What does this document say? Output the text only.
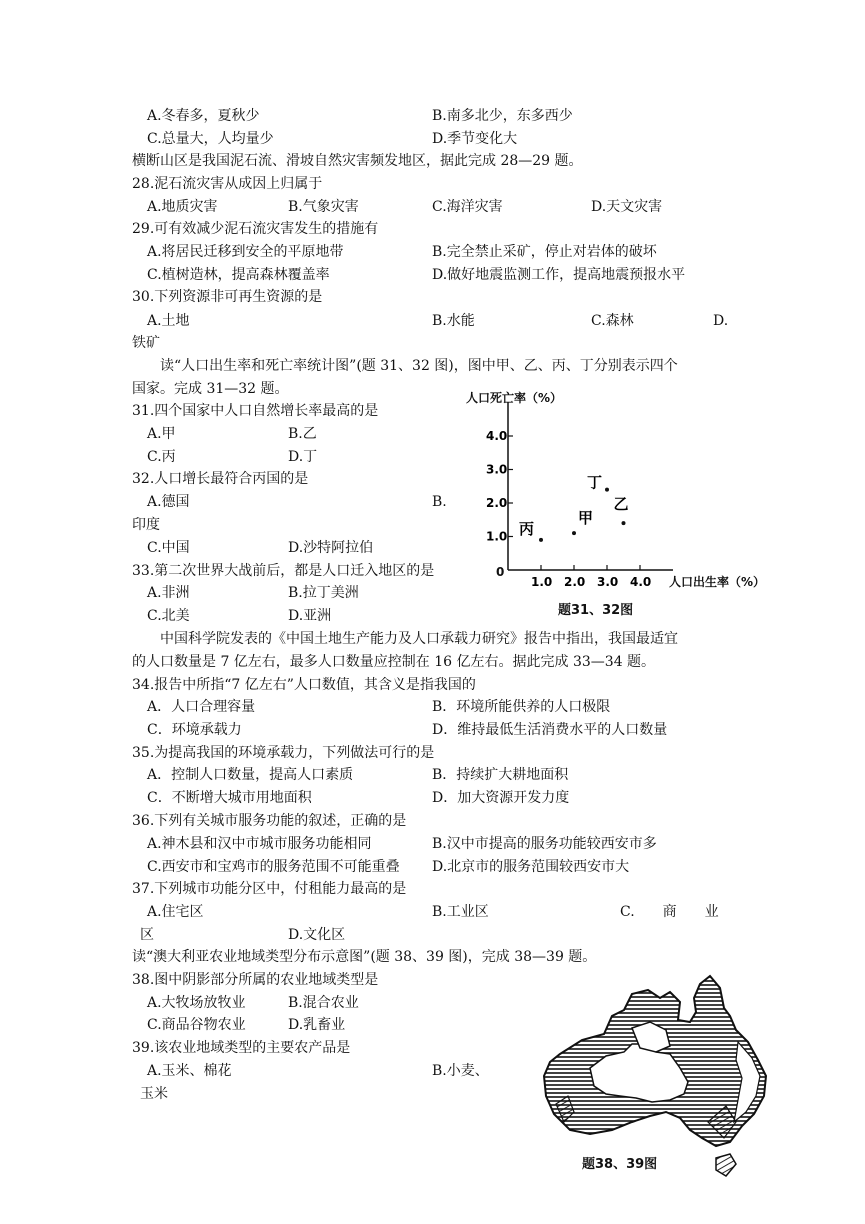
A.冬春多，夏秋少	B.南多北少，东多西少
C.总量大，人均量少	D.季节变化大
横断山区是我国泥石流、滑坡自然灾害频发地区，据此完成 28—29 题。
28.泥石流灾害从成因上归属于
A.地质灾害	B.气象灾害	C.海洋灾害	D.天文灾害
29.可有效减少泥石流灾害发生的措施有
A.将居民迁移到安全的平原地带	B.完全禁止采矿，停止对岩体的破坏
C.植树造林，提高森林覆盖率	D.做好地震监测工作，提高地震预报水平
30.下列资源非可再生资源的是
A.土地	B.水能	C.森林	D.
铁矿
读“人口出生率和死亡率统计图”(题 31、32 图)，图中甲、乙、丙、丁分别表示四个
国家。完成 31—32 题。
31.四个国家中人口自然增长率最高的是
A.甲	B.乙
C.丙	D.丁
32.人口增长最符合丙国的是
A.德国	B.
印度
C.中国	D.沙特阿拉伯
33.第二次世界大战前后，都是人口迁入地区的是
A.非洲	B.拉丁美洲
C.北美	D.亚洲
中国科学院发表的《中国土地生产能力及人口承载力研究》报告中指出，我国最适宜
的人口数量是 7 亿左右，最多人口数量应控制在 16 亿左右。据此完成 33—34 题。
34.报告中所指“7 亿左右”人口数值，其含义是指我国的
A．人口合理容量	B．环境所能供养的人口极限
C．环境承载力	D．维持最低生活消费水平的人口数量
35.为提高我国的环境承载力，下列做法可行的是
A．控制人口数量，提高人口素质	B．持续扩大耕地面积
C．不断增大城市用地面积	D．加大资源开发力度
36.下列有关城市服务功能的叙述，正确的是
A.神木县和汉中市城市服务功能相同	B.汉中市提高的服务功能较西安市多
C.西安市和宝鸡市的服务范围不可能重叠 D.北京市的服务范围较西安市大
37.下列城市功能分区中，付租能力最高的是
A.住宅区	B.工业区	C.　　商　　业
区	D.文化区
读“澳大利亚农业地域类型分布示意图”(题 38、39 图)，完成 38—39 题。
38.图中阴影部分所属的农业地域类型是
A.大牧场放牧业	B.混合农业
C.商品谷物农业	D.乳畜业
39.该农业地域类型的主要农产品是
A.玉米、棉花	B.小麦、
玉米
人口死亡率（%）
人口出生率（%）
0
1.0
2.0
3.0
4.0
1.0 2.0 3.0 4.0
丙
甲
丁
乙
题31、32图
题38、39图
